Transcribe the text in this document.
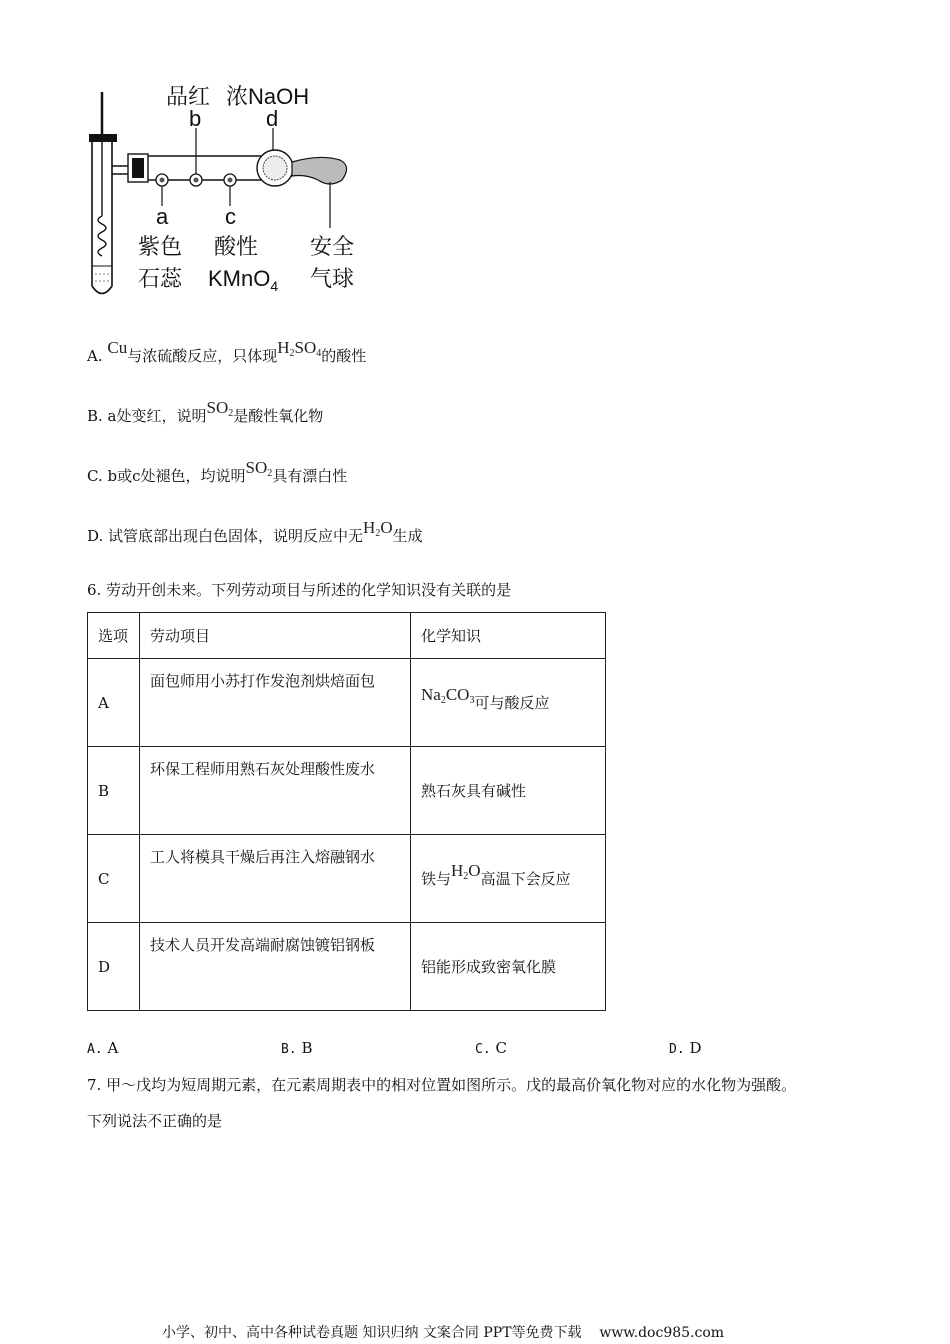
品红 浓NaOH
b	d
a	c
紫色
石蕊
酸性
KMnO$_4$
安全
气球
A. Cu与浓硫酸反应，只体现$H_2SO_4$的酸性
B. a处变红，说明$SO_2$是酸性氧化物
C. b或c处褪色，均说明$SO_2$具有漂白性
D. 试管底部出现白色固体，说明反应中无$H_2O$生成
6. 劳动开创未来。下列劳动项目与所述的化学知识没有关联的是
选项	劳动项目	化学知识
A	面包师用小苏打作发泡剂烘焙面包	$Na_2CO_3$可与酸反应
B	环保工程师用熟石灰处理酸性废水	熟石灰具有碱性
C	工人将模具干燥后再注入熔融钢水	铁与$H_2O$高温下会反应
D	技术人员开发高端耐腐蚀镀铝钢板	铝能形成致密氧化膜
A. A	B. B	C. C	D. D
7. 甲～戊均为短周期元素，在元素周期表中的相对位置如图所示。戊的最高价氧化物对应的水化物为强酸。
下列说法不正确的是
小学、初中、高中各种试卷真题 知识归纳 文案合同 PPT等免费下载 www.doc985.com
